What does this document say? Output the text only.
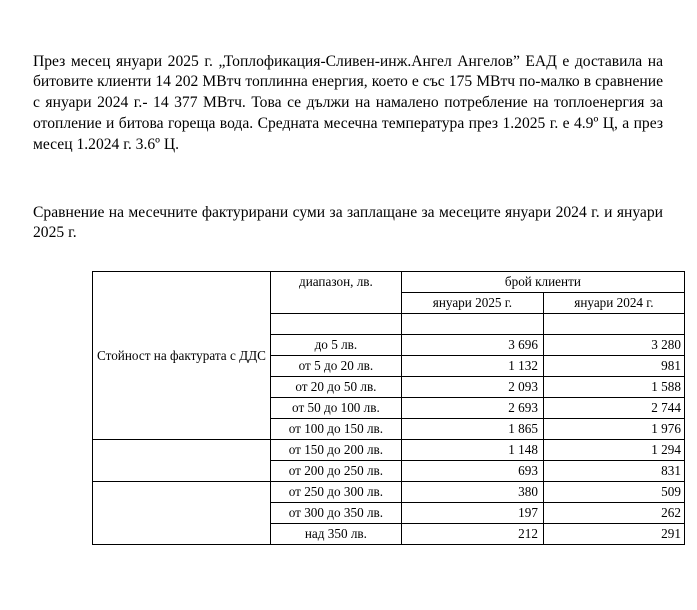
През месец януари 2025 г. „Топлофикация-Сливен-инж.Ангел Ангелов” ЕАД е доставила на битовите клиенти 14 202 МВтч топлинна енергия, което е със 175 МВтч по-малко в сравнение с януари 2024 г.- 14 377 МВтч. Това се дължи на намалено потребление на топлоенергия за отопление и битова гореща вода. Средната месечна температура през 1.2025 г. е 4.9º Ц, а през месец 1.2024 г. 3.6º Ц.

Сравнение на месечните фактурирани суми за заплащане за месеците януари 2024 г. и януари 2025 г.

Стойност на фактурата с ДДС	диапазон, лв.	брой клиенти	
		януари 2025 г.	януари 2024 г.

	до 5 лв.	3 696	3 280
	от 5 до 20 лв.	1 132	981
	от 20 до 50 лв.	2 093	1 588
	от 50 до 100 лв.	2 693	2 744
	от 100 до 150 лв.	1 865	1 976
	от 150 до 200 лв.	1 148	1 294
	от 200 до 250 лв.	693	831
	от 250 до 300 лв.	380	509
	от 300 до 350 лв.	197	262
	над 350 лв.	212	291
